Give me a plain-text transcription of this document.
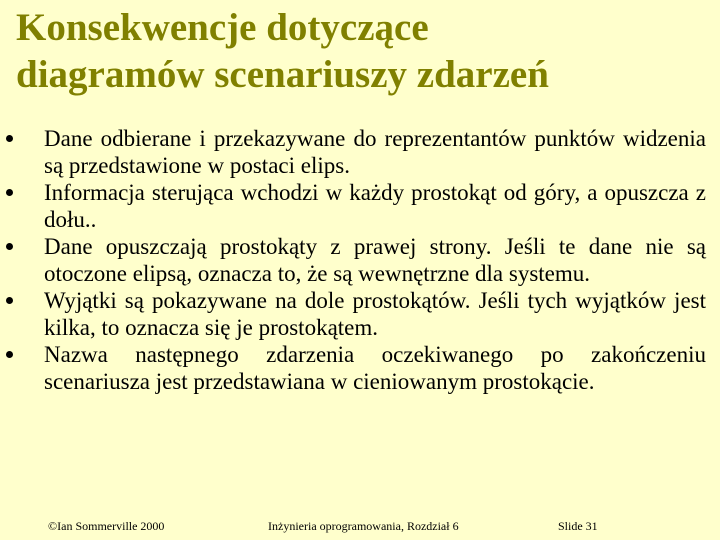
Konsekwencje dotyczące
diagramów scenariuszy zdarzeń
Dane odbierane i przekazywane do reprezentantów punktów widzenia są przedstawione w postaci elips.
Informacja sterująca wchodzi w każdy prostokąt od góry, a opuszcza z dołu..
Dane opuszczają prostokąty z prawej strony. Jeśli te dane nie są otoczone elipsą, oznacza to, że są wewnętrzne dla systemu.
Wyjątki są pokazywane na dole prostokątów. Jeśli tych wyjątków jest kilka, to oznacza się je prostokątem.
Nazwa następnego zdarzenia oczekiwanego po zakończeniu scenariusza jest przedstawiana w cieniowanym prostokącie.
©Ian Sommerville 2000	Inżynieria oprogramowania, Rozdział 6	Slide 31
